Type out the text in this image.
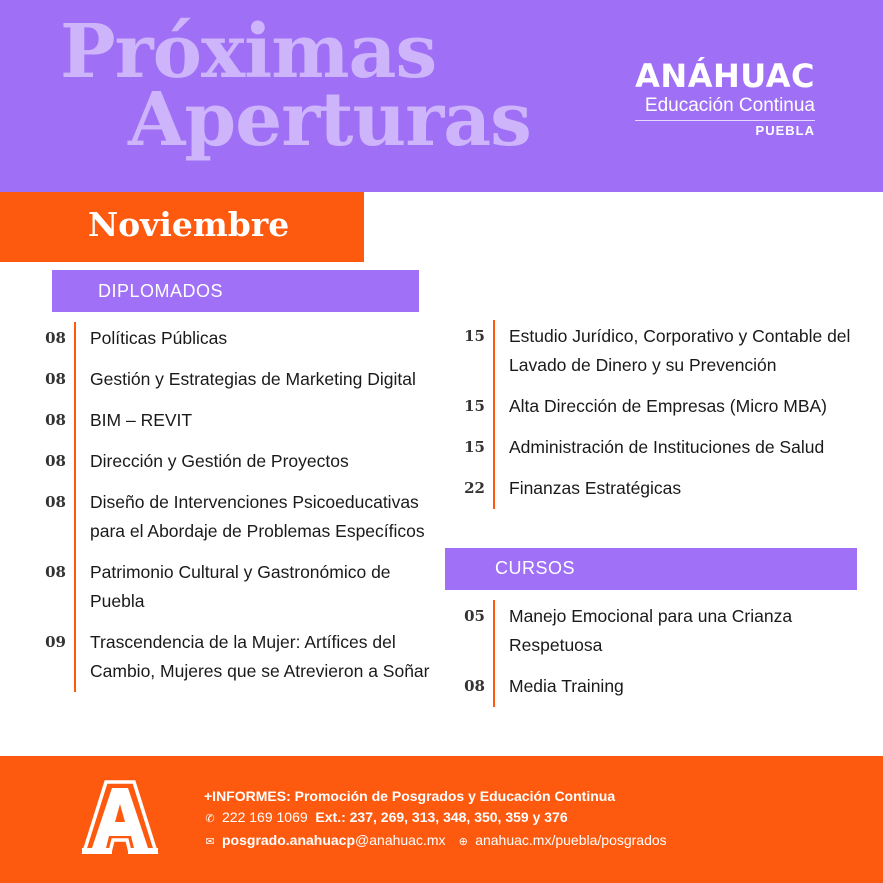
Próximas
Aperturas
ANÁHUAC
Educación Continua
PUEBLA
Noviembre
DIPLOMADOS
08	Políticas Públicas
08	Gestión y Estrategias de Marketing Digital
08	BIM – REVIT
08	Dirección y Gestión de Proyectos
08	Diseño de Intervenciones Psicoeducativas para el Abordaje de Problemas Específicos
08	Patrimonio Cultural y Gastronómico de Puebla
09	Trascendencia de la Mujer: Artífices del Cambio, Mujeres que se Atrevieron a Soñar
15	Estudio Jurídico, Corporativo y Contable del Lavado de Dinero y su Prevención
15	Alta Dirección de Empresas (Micro MBA)
15	Administración de Instituciones de Salud
22	Finanzas Estratégicas
CURSOS
05	Manejo Emocional para una Crianza Respetuosa
08	Media Training
+INFORMES: Promoción de Posgrados y Educación Continua
✆ 222 169 1069 Ext.: 237, 269, 313, 348, 350, 359 y 376
✉ posgrado.anahuacp@anahuac.mx ⊕ anahuac.mx/puebla/posgrados
